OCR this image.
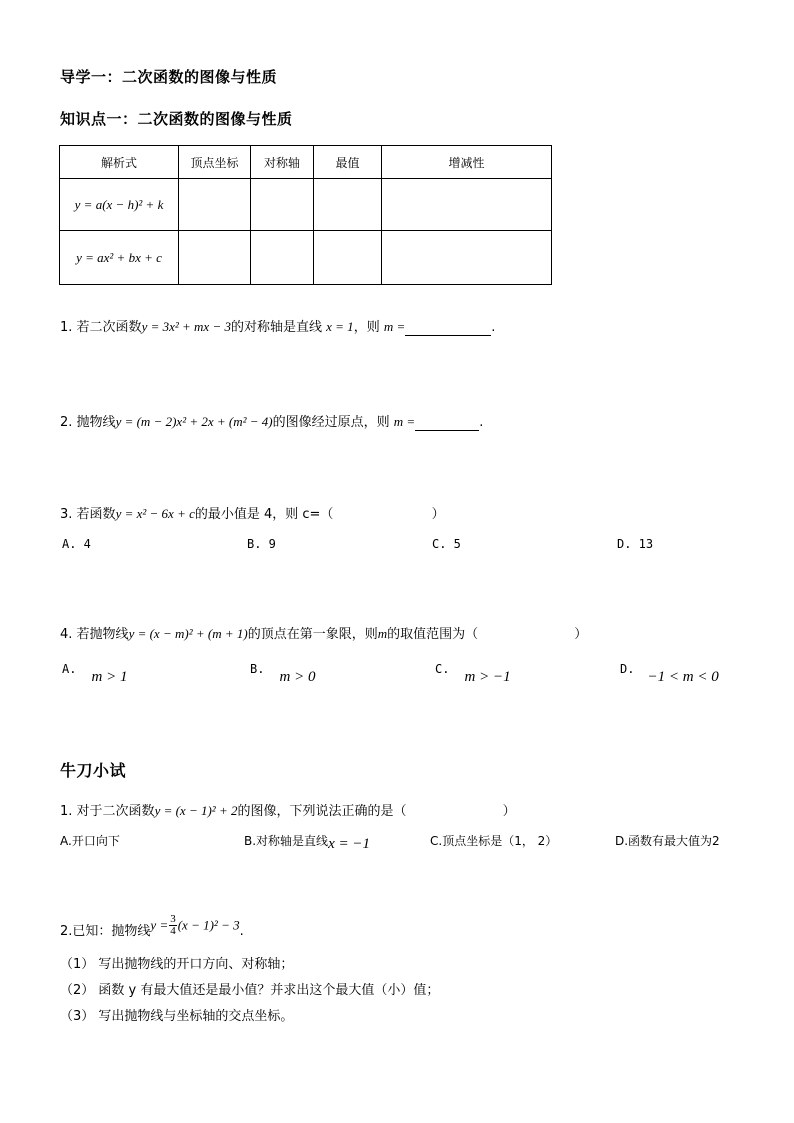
导学一：二次函数的图像与性质
知识点一：二次函数的图像与性质
解析式	顶点坐标	对称轴	最值	增减性
y = a(x − h)² + k				
y = ax² + bx + c				
1. 若二次函数y = 3x² + mx − 3的对称轴是直线 x = 1，则 m =	.
2. 抛物线y = (m − 2)x² + 2x + (m² − 4)的图像经过原点，则 m =	.
3. 若函数y = x² − 6x + c的最小值是 4，则 c=（	）
A. 4	B. 9	C. 5	D. 13
4. 若抛物线y = (x − m)² + (m + 1)的顶点在第一象限，则m的取值范围为（	）
$^{A.}$ m > 1	$^{B.}$ m > 0	$^{C.}$ m > −1	$^{D.}$ −1 < m < 0
牛刀小试
1. 对于二次函数y = (x − 1)² + 2的图像，下列说法正确的是（	）
A.开口向下	B.对称轴是直线x = −1	C.顶点坐标是（1， 2）	D.函数有最大值为2
2.已知：抛物线$y = \frac{3}{4} (x - 1)^2 - 3$.
（1） 写出抛物线的开口方向、对称轴；
（2） 函数 y 有最大值还是最小值？并求出这个最大值（小）值；
（3） 写出抛物线与坐标轴的交点坐标。
